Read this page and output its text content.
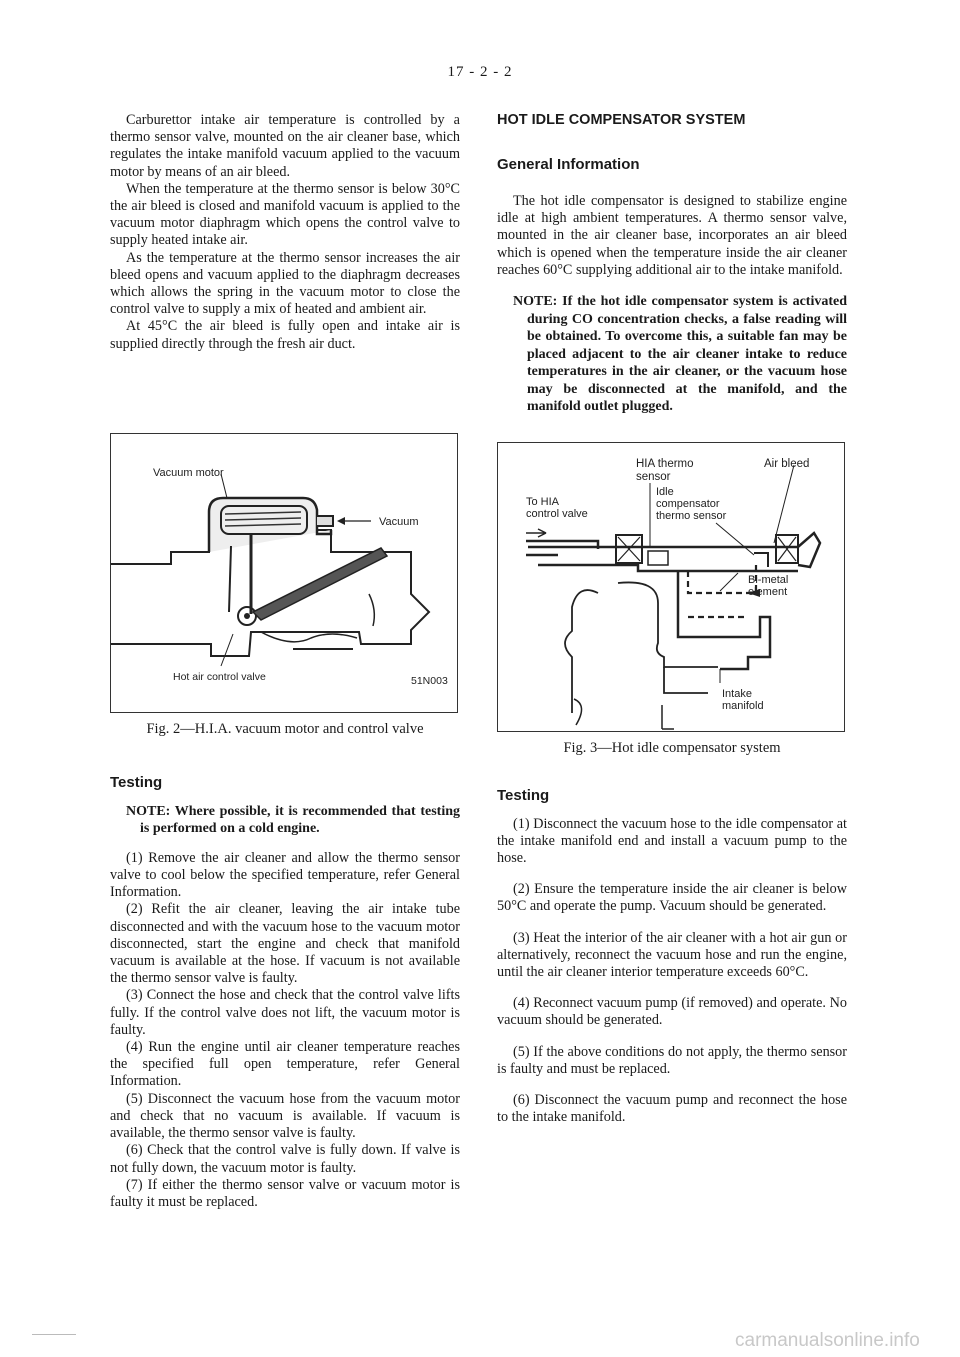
17 - 2 - 2

Carburettor intake air temperature is controlled by a thermo sensor valve, mounted on the air cleaner base, which regulates the intake manifold vacuum applied to the vacuum motor by means of an air bleed.

When the temperature at the thermo sensor is below 30°C the air bleed is closed and manifold vacuum is applied to the vacuum motor diaphragm which opens the control valve to supply heated intake air.

As the temperature at the thermo sensor increases the air bleed opens and vacuum applied to the diaphragm decreases which allows the spring in the vacuum motor to close the control valve to supply a mix of heated and ambient air.

At 45°C the air bleed is fully open and intake air is supplied directly through the fresh air duct.

Vacuum motor
Vacuum
Hot air control valve	51N003

Fig. 2—H.I.A. vacuum motor and control valve

Testing

NOTE: Where possible, it is recommended that testing is performed on a cold engine.

(1) Remove the air cleaner and allow the thermo sensor valve to cool below the specified temperature, refer General Information.

(2) Refit the air cleaner, leaving the air intake tube disconnected and with the vacuum hose to the vacuum motor disconnected, start the engine and check that manifold vacuum is available at the hose. If vacuum is not available the thermo sensor valve is faulty.

(3) Connect the hose and check that the control valve lifts fully. If the control valve does not lift, the vacuum motor is faulty.

(4) Run the engine until air cleaner temperature reaches the specified full open temperature, refer General Information.

(5) Disconnect the vacuum hose from the vacuum motor and check that no vacuum is available. If vacuum is available, the thermo sensor valve is faulty.

(6) Check that the control valve is fully down. If valve is not fully down, the vacuum motor is faulty.

(7) If either the thermo sensor valve or vacuum motor is faulty it must be replaced.

HOT IDLE COMPENSATOR SYSTEM
General Information

The hot idle compensator is designed to stabilize engine idle at high ambient temperatures. A thermo sensor valve, mounted in the air cleaner base, incorporates an air bleed which is opened when the temperature inside the air cleaner reaches 60°C supplying additional air to the intake manifold.

NOTE: If the hot idle compensator system is activated during CO concentration checks, a false reading will be obtained. To overcome this, a suitable fan may be placed adjacent to the air cleaner intake to reduce temperatures in the air cleaner, or the vacuum hose may be disconnected at the manifold, and the manifold outlet plugged.

HIA thermo
sensor
Air bleed
Idle
compensator
thermo sensor
To HIA
control valve
Bi-metal
element
Intake
manifold

Fig. 3—Hot idle compensator system

Testing

(1) Disconnect the vacuum hose to the idle compensator at the intake manifold end and install a vacuum pump to the hose.

(2) Ensure the temperature inside the air cleaner is below 50°C and operate the pump. Vacuum should be generated.

(3) Heat the interior of the air cleaner with a hot air gun or alternatively, reconnect the vacuum hose and run the engine, until the air cleaner interior temperature exceeds 60°C.

(4) Reconnect vacuum pump (if removed) and operate. No vacuum should be generated.

(5) If the above conditions do not apply, the thermo sensor is faulty and must be replaced.

(6) Disconnect the vacuum pump and reconnect the hose to the intake manifold.

carmanualsonline.info
